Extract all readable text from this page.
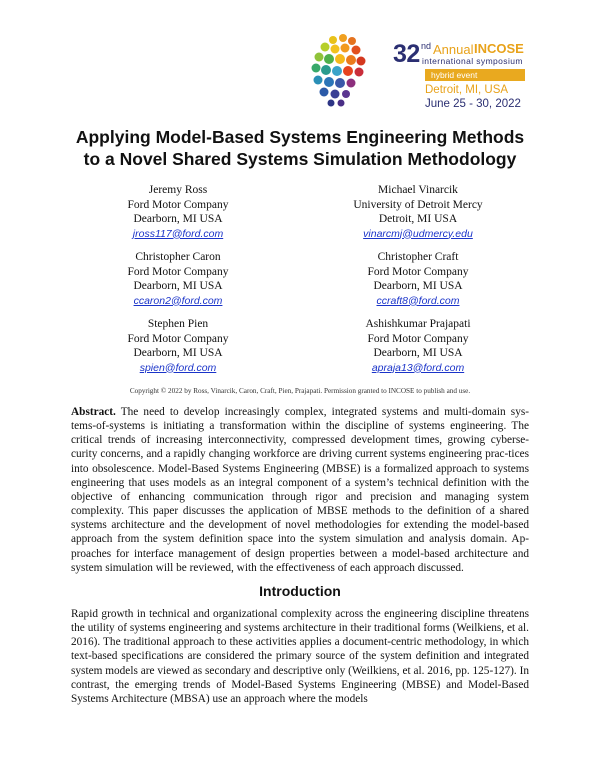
32 nd Annual INCOSE
international symposium
hybrid event
Detroit, MI, USA
June 25 - 30, 2022
Applying Model-Based Systems Engineering Methods
to a Novel Shared Systems Simulation Methodology
Jeremy Ross
Ford Motor Company
Dearborn, MI USA
jross117@ford.com
Michael Vinarcik
University of Detroit Mercy
Detroit, MI USA
vinarcmj@udmercy.edu
Christopher Caron
Ford Motor Company
Dearborn, MI USA
ccaron2@ford.com
Christopher Craft
Ford Motor Company
Dearborn, MI USA
ccraft8@ford.com
Stephen Pien
Ford Motor Company
Dearborn, MI USA
spien@ford.com
Ashishkumar Prajapati
Ford Motor Company
Dearborn, MI USA
apraja13@ford.com
Copyright © 2022 by Ross, Vinarcik, Caron, Craft, Pien, Prajapati. Permission granted to INCOSE to publish and use.
Abstract. The need to develop increasingly complex, integrated systems and multi-domain sys-tems-of-systems is initiating a transformation within the discipline of systems engineering. The critical trends of increasing interconnectivity, compressed development times, growing cyberse-curity concerns, and a rapidly changing workforce are driving current systems engineering prac-tices into obsolescence. Model-Based Systems Engineering (MBSE) is a formalized approach to systems engineering that uses models as an integral component of a system’s technical definition with the objective of enhancing communication through rigor and precision and managing system complexity. This paper discusses the application of MBSE methods to the definition of a shared systems architecture and the development of novel methodologies for extending the model-based approach from the system definition space into the system simulation and analysis domain. Ap-proaches for interface management of design properties between a model-based architecture and system simulation will be reviewed, with the effectiveness of each approach discussed.
Introduction
Rapid growth in technical and organizational complexity across the engineering discipline threatens the utility of systems engineering and systems architecture in their traditional forms (Weilkiens, et al. 2016). The traditional approach to these activities applies a document-centric methodology, in which text-based specifications are considered the primary source of the system definition and integrated system models are viewed as secondary and descriptive only (Weilkiens, et al. 2016, pp. 125-127). In contrast, the emerging trends of Model-Based Systems Engineering (MBSE) and Model-Based Systems Architecture (MBSA) use an approach where the models
